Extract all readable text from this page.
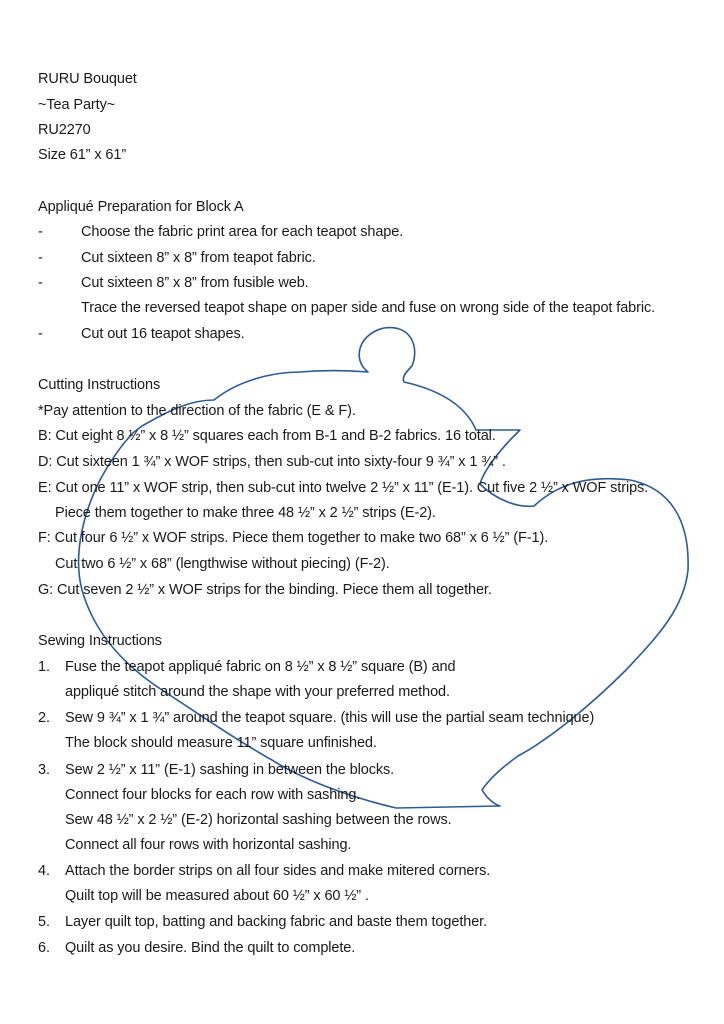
RURU Bouquet
~Tea Party~
RU2270
Size 61” x 61”
Appliqué Preparation for Block A
-	Choose the fabric print area for each teapot shape.
-	Cut sixteen 8” x 8” from teapot fabric.
-	Cut sixteen 8” x 8” from fusible web.
Trace the reversed teapot shape on paper side and fuse on wrong side of the teapot fabric.
-	Cut out 16 teapot shapes.
Cutting Instructions
*Pay attention to the direction of the fabric (E & F).
B: Cut eight 8 ½” x 8 ½” squares each from B-1 and B-2 fabrics. 16 total.
D: Cut sixteen 1 ¾” x WOF strips, then sub-cut into sixty-four 9 ¾” x 1 ¾” .
E: Cut one 11” x WOF strip, then sub-cut into twelve 2 ½” x 11” (E-1). Cut five 2 ½” x WOF strips.
Piece them together to make three 48 ½” x 2 ½” strips (E-2).
F: Cut four 6 ½” x WOF strips. Piece them together to make two 68” x 6 ½” (F-1).
Cut two 6 ½” x 68” (lengthwise without piecing) (F-2).
G: Cut seven 2 ½” x WOF strips for the binding. Piece them all together.
Sewing Instructions
1. Fuse the teapot appliqué fabric on 8 ½” x 8 ½” square (B) and
appliqué stitch around the shape with your preferred method.
2. Sew 9 ¾” x 1 ¾” around the teapot square. (this will use the partial seam technique)
The block should measure 11” square unfinished.
3. Sew 2 ½” x 11” (E-1) sashing in between the blocks.
Connect four blocks for each row with sashing.
Sew 48 ½” x 2 ½” (E-2) horizontal sashing between the rows.
Connect all four rows with horizontal sashing.
4. Attach the border strips on all four sides and make mitered corners.
Quilt top will be measured about 60 ½” x 60 ½” .
5. Layer quilt top, batting and backing fabric and baste them together.
6. Quilt as you desire. Bind the quilt to complete.
